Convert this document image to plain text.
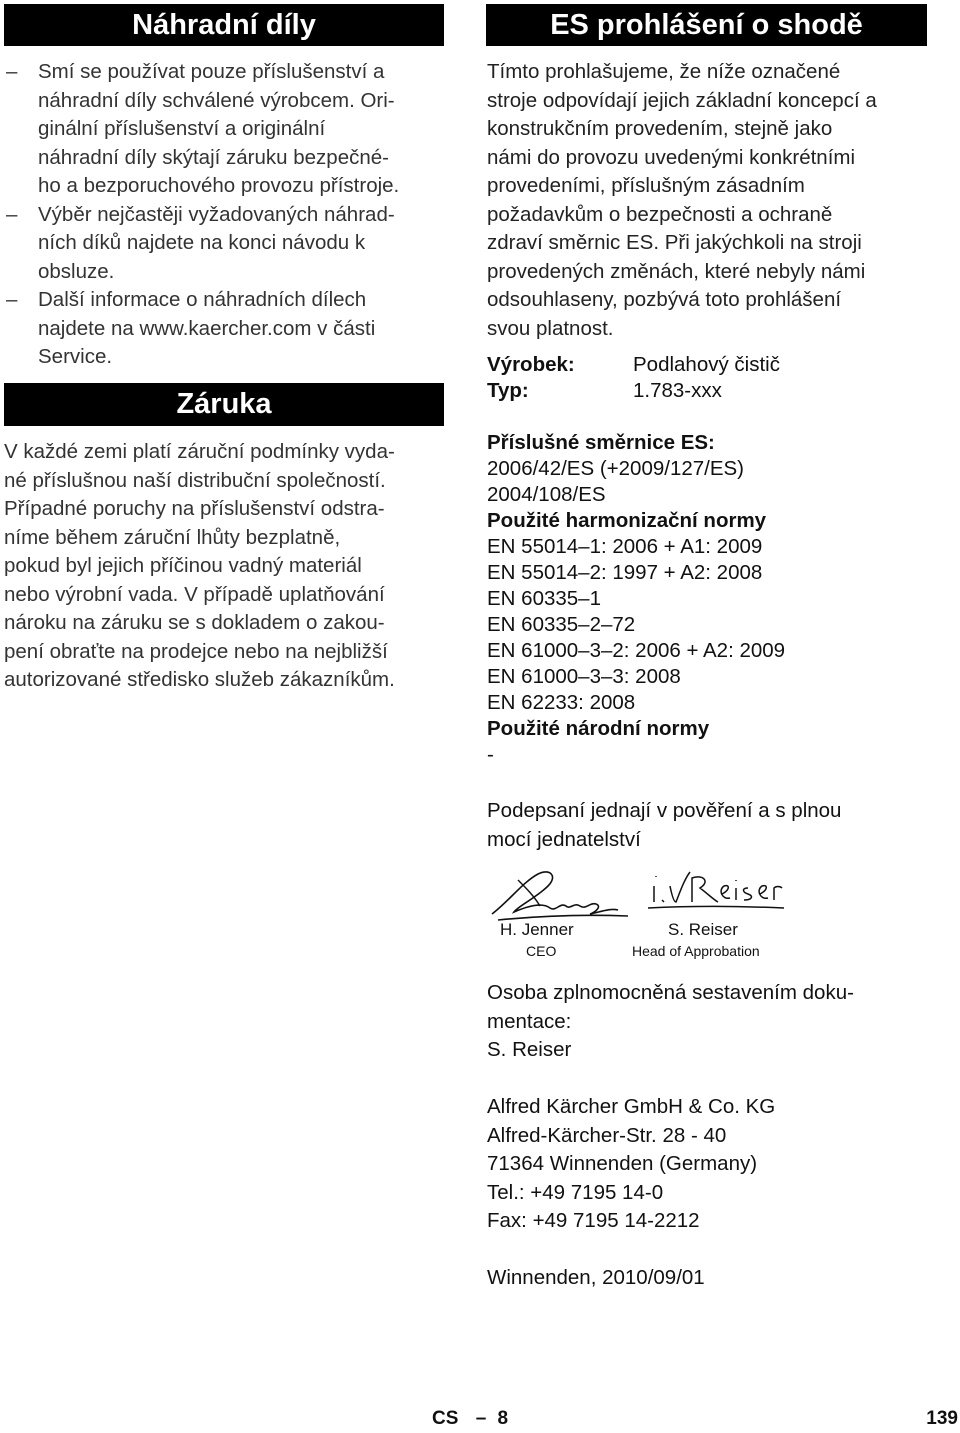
Náhradní díly
– Smí se používat pouze příslušenství a
náhradní díly schválené výrobcem. Ori-
ginální příslušenství a originální
náhradní díly skýtají záruku bezpečné-
ho a bezporuchového provozu přístroje.
– Výběr nejčastěji vyžadovaných náhrad-
ních díků najdete na konci návodu k
obsluze.
– Další informace o náhradních dílech
najdete na www.kaercher.com v části
Service.
Záruka
V každé zemi platí záruční podmínky vyda-
né příslušnou naší distribuční společností.
Případné poruchy na příslušenství odstra-
níme během záruční lhůty bezplatně,
pokud byl jejich příčinou vadný materiál
nebo výrobní vada. V případě uplatňování
nároku na záruku se s dokladem o zakou-
pení obraťte na prodejce nebo na nejbližší
autorizované středisko služeb zákazníkům.
ES prohlášení o shodě
Tímto prohlašujeme, že níže označené
stroje odpovídají jejich základní koncepcí a
konstrukčním provedením, stejně jako
námi do provozu uvedenými konkrétními
provedeními, příslušným zásadním
požadavkům o bezpečnosti a ochraně
zdraví směrnic ES. Při jakýchkoli na stroji
provedených změnách, které nebyly námi
odsouhlaseny, pozbývá toto prohlášení
svou platnost.
Výrobek:	Podlahový čistič
Typ:	1.783-xxx
Příslušné směrnice ES:
2006/42/ES (+2009/127/ES)
2004/108/ES
Použité harmonizační normy
EN 55014–1: 2006 + A1: 2009
EN 55014–2: 1997 + A2: 2008
EN 60335–1
EN 60335–2–72
EN 61000–3–2: 2006 + A2: 2009
EN 61000–3–3: 2008
EN 62233: 2008
Použité národní normy
-
Podepsaní jednají v pověření a s plnou
mocí jednatelství
H. Jenner
CEO
S. Reiser
Head of Approbation
Osoba zplnomocněná sestavením doku-
mentace:
S. Reiser
Alfred Kärcher GmbH & Co. KG
Alfred-Kärcher-Str. 28 - 40
71364 Winnenden (Germany)
Tel.: +49 7195 14-0
Fax: +49 7195 14-2212
Winnenden, 2010/09/01
CS – 8	139
